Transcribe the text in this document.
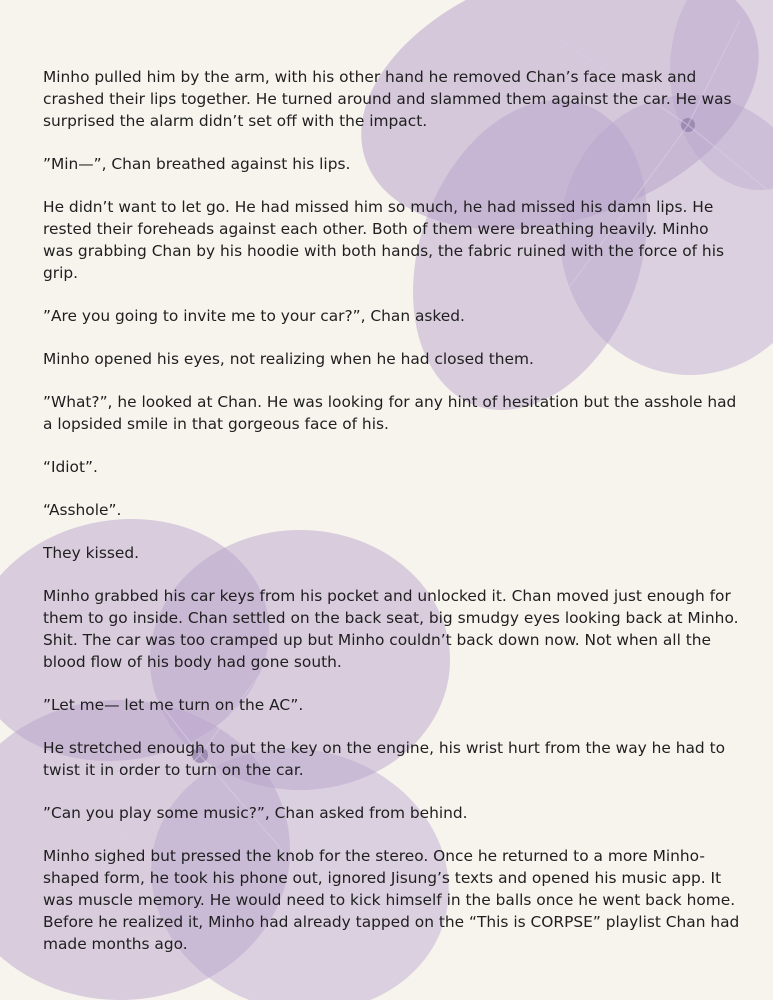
Minho pulled him by the arm, with his other hand he removed Chan’s face mask and crashed their lips together. He turned around and slammed them against the car. He was surprised the alarm didn’t set off with the impact.

”Min—”, Chan breathed against his lips.

He didn’t want to let go. He had missed him so much, he had missed his damn lips. He rested their foreheads against each other. Both of them were breathing heavily. Minho was grabbing Chan by his hoodie with both hands, the fabric ruined with the force of his grip.

”Are you going to invite me to your car?”, Chan asked.

Minho opened his eyes, not realizing when he had closed them.

”What?”, he looked at Chan. He was looking for any hint of hesitation but the asshole had a lopsided smile in that gorgeous face of his.

“Idiot”.

“Asshole”.

They kissed.

Minho grabbed his car keys from his pocket and unlocked it. Chan moved just enough for them to go inside. Chan settled on the back seat, big smudgy eyes looking back at Minho. Shit. The car was too cramped up but Minho couldn’t back down now. Not when all the blood flow of his body had gone south.

”Let me— let me turn on the AC”.

He stretched enough to put the key on the engine, his wrist hurt from the way he had to twist it in order to turn on the car.

”Can you play some music?”, Chan asked from behind.

Minho sighed but pressed the knob for the stereo. Once he returned to a more Minho-shaped form, he took his phone out, ignored Jisung’s texts and opened his music app. It was muscle memory. He would need to kick himself in the balls once he went back home. Before he realized it, Minho had already tapped on the “This is CORPSE” playlist Chan had made months ago.
